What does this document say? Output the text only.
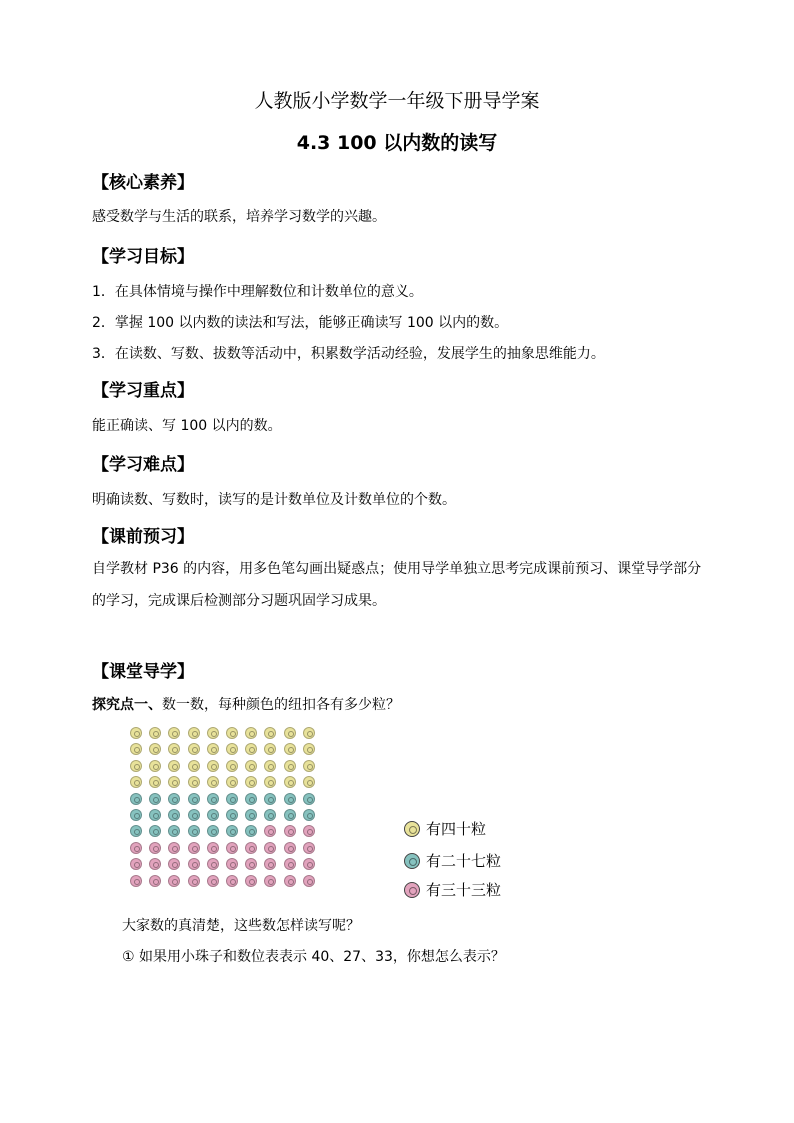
人教版小学数学一年级下册导学案
4.3 100 以内数的读写
【核心素养】
感受数学与生活的联系，培养学习数学的兴趣。
【学习目标】
1．在具体情境与操作中理解数位和计数单位的意义。
2．掌握 100 以内数的读法和写法，能够正确读写 100 以内的数。
3．在读数、写数、拔数等活动中，积累数学活动经验，发展学生的抽象思维能力。
【学习重点】
能正确读、写 100 以内的数。
【学习难点】
明确读数、写数时，读写的是计数单位及计数单位的个数。
【课前预习】
自学教材 P36 的内容，用多色笔勾画出疑惑点；使用导学单独立思考完成课前预习、课堂导学部分的学习，完成课后检测部分习题巩固学习成果。
【课堂导学】
探究点一、数一数，每种颜色的纽扣各有多少粒？
有四十粒
有二十七粒
有三十三粒
大家数的真清楚，这些数怎样读写呢？
① 如果用小珠子和数位表表示 40、27、33，你想怎么表示？
